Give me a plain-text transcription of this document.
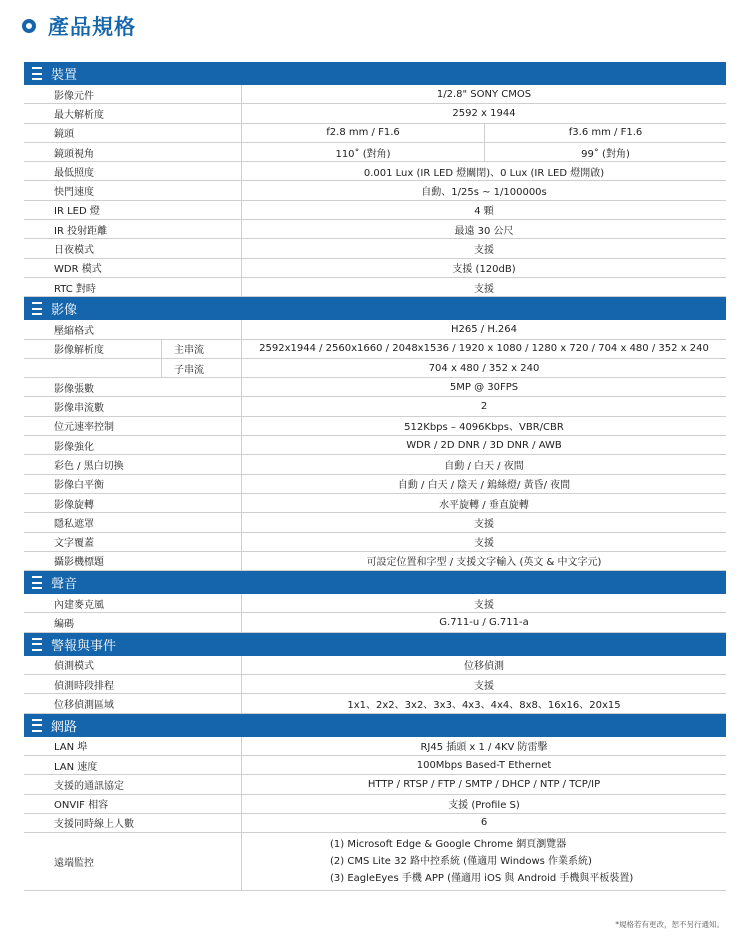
產品規格
裝置
影像元件	1/2.8" SONY CMOS
最大解析度	2592 x 1944
鏡頭	f2.8 mm / F1.6	f3.6 mm / F1.6
鏡頭視角	110˚ (對角)	99˚ (對角)
最低照度	0.001 Lux (IR LED 燈關閉)、0 Lux (IR LED 燈開啟)
快門速度	自動、1/25s ~ 1/100000s
IR LED 燈	4 顆
IR 投射距離	最遠 30 公尺
日夜模式	支援
WDR 模式	支援 (120dB)
RTC 對時	支援
影像
壓縮格式	H265 / H.264
影像解析度	主串流	2592x1944 / 2560x1660 / 2048x1536 / 1920 x 1080 / 1280 x 720 / 704 x 480 / 352 x 240
子串流	704 x 480 / 352 x 240
影像張數	5MP @ 30FPS
影像串流數	2
位元速率控制	512Kbps – 4096Kbps、VBR/CBR
影像強化	WDR / 2D DNR / 3D DNR / AWB
彩色 / 黑白切換	自動 / 白天 / 夜間
影像白平衡	自動 / 白天 / 陰天 / 鎢絲燈/ 黃昏/ 夜間
影像旋轉	水平旋轉 / 垂直旋轉
隱私遮罩	支援
文字覆蓋	支援
攝影機標題	可設定位置和字型 / 支援文字輸入 (英文 & 中文字元)
聲音
內建麥克風	支援
編碼	G.711-u / G.711-a
警報與事件
偵測模式	位移偵測
偵測時段排程	支援
位移偵測區域	1x1、2x2、3x2、3x3、4x3、4x4、8x8、16x16、20x15
網路
LAN 埠	RJ45 插頭 x 1 / 4KV 防雷擊
LAN 速度	100Mbps Based-T Ethernet
支援的通訊協定	HTTP / RTSP / FTP / SMTP / DHCP / NTP / TCP/IP
ONVIF 相容	支援 (Profile S)
支援同時線上人數	6
遠端監控
(1) Microsoft Edge & Google Chrome 網頁瀏覽器
(2) CMS Lite 32 路中控系統 (僅適用 Windows 作業系統)
(3) EagleEyes 手機 APP (僅適用 iOS 與 Android 手機與平板裝置)
*規格若有更改，恕不另行通知。
